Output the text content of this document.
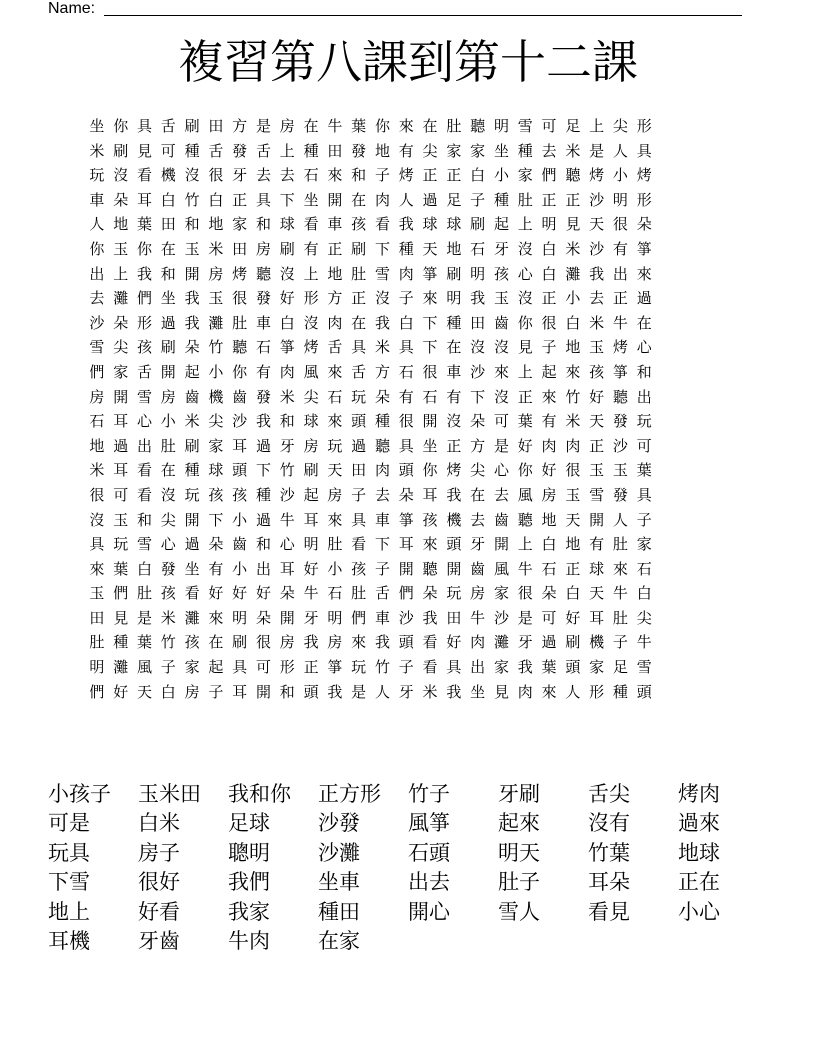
Name:
複習第八課到第十二課
坐 你 具 舌 刷 田 方 是 房 在 牛 葉 你 來 在 肚 聽 明 雪 可 足 上 尖 形
米 刷 見 可 種 舌 發 舌 上 種 田 發 地 有 尖 家 家 坐 種 去 米 是 人 具
玩 沒 看 機 沒 很 牙 去 去 石 來 和 子 烤 正 正 白 小 家 們 聽 烤 小 烤
車 朵 耳 白 竹 白 正 具 下 坐 開 在 肉 人 過 足 子 種 肚 正 正 沙 明 形
人 地 葉 田 和 地 家 和 球 看 車 孩 看 我 球 球 刷 起 上 明 見 天 很 朵
你 玉 你 在 玉 米 田 房 刷 有 正 刷 下 種 天 地 石 牙 沒 白 米 沙 有 箏
出 上 我 和 開 房 烤 聽 沒 上 地 肚 雪 肉 箏 刷 明 孩 心 白 灘 我 出 來
去 灘 們 坐 我 玉 很 發 好 形 方 正 沒 子 來 明 我 玉 沒 正 小 去 正 過
沙 朵 形 過 我 灘 肚 車 白 沒 肉 在 我 白 下 種 田 齒 你 很 白 米 牛 在
雪 尖 孩 刷 朵 竹 聽 石 箏 烤 舌 具 米 具 下 在 沒 沒 見 子 地 玉 烤 心
們 家 舌 開 起 小 你 有 肉 風 來 舌 方 石 很 車 沙 來 上 起 來 孩 箏 和
房 開 雪 房 齒 機 齒 發 米 尖 石 玩 朵 有 石 有 下 沒 正 來 竹 好 聽 出
石 耳 心 小 米 尖 沙 我 和 球 來 頭 種 很 開 沒 朵 可 葉 有 米 天 發 玩
地 過 出 肚 刷 家 耳 過 牙 房 玩 過 聽 具 坐 正 方 是 好 肉 肉 正 沙 可
米 耳 看 在 種 球 頭 下 竹 刷 天 田 肉 頭 你 烤 尖 心 你 好 很 玉 玉 葉
很 可 看 沒 玩 孩 孩 種 沙 起 房 子 去 朵 耳 我 在 去 風 房 玉 雪 發 具
沒 玉 和 尖 開 下 小 過 牛 耳 來 具 車 箏 孩 機 去 齒 聽 地 天 開 人 子
具 玩 雪 心 過 朵 齒 和 心 明 肚 看 下 耳 來 頭 牙 開 上 白 地 有 肚 家
來 葉 白 發 坐 有 小 出 耳 好 小 孩 子 開 聽 開 齒 風 牛 石 正 球 來 石
玉 們 肚 孩 看 好 好 好 朵 牛 石 肚 舌 們 朵 玩 房 家 很 朵 白 天 牛 白
田 見 是 米 灘 來 明 朵 開 牙 明 們 車 沙 我 田 牛 沙 是 可 好 耳 肚 尖
肚 種 葉 竹 孩 在 刷 很 房 我 房 來 我 頭 看 好 肉 灘 牙 過 刷 機 子 牛
明 灘 風 子 家 起 具 可 形 正 箏 玩 竹 子 看 具 出 家 我 葉 頭 家 足 雪
們 好 天 白 房 子 耳 開 和 頭 我 是 人 牙 米 我 坐 見 肉 來 人 形 種 頭
小孩子	玉米田	我和你	正方形	竹子	牙刷	舌尖	烤肉
可是	白米	足球	沙發	風箏	起來	沒有	過來
玩具	房子	聰明	沙灘	石頭	明天	竹葉	地球
下雪	很好	我們	坐車	出去	肚子	耳朵	正在
地上	好看	我家	種田	開心	雪人	看見	小心
耳機	牙齒	牛肉	在家
